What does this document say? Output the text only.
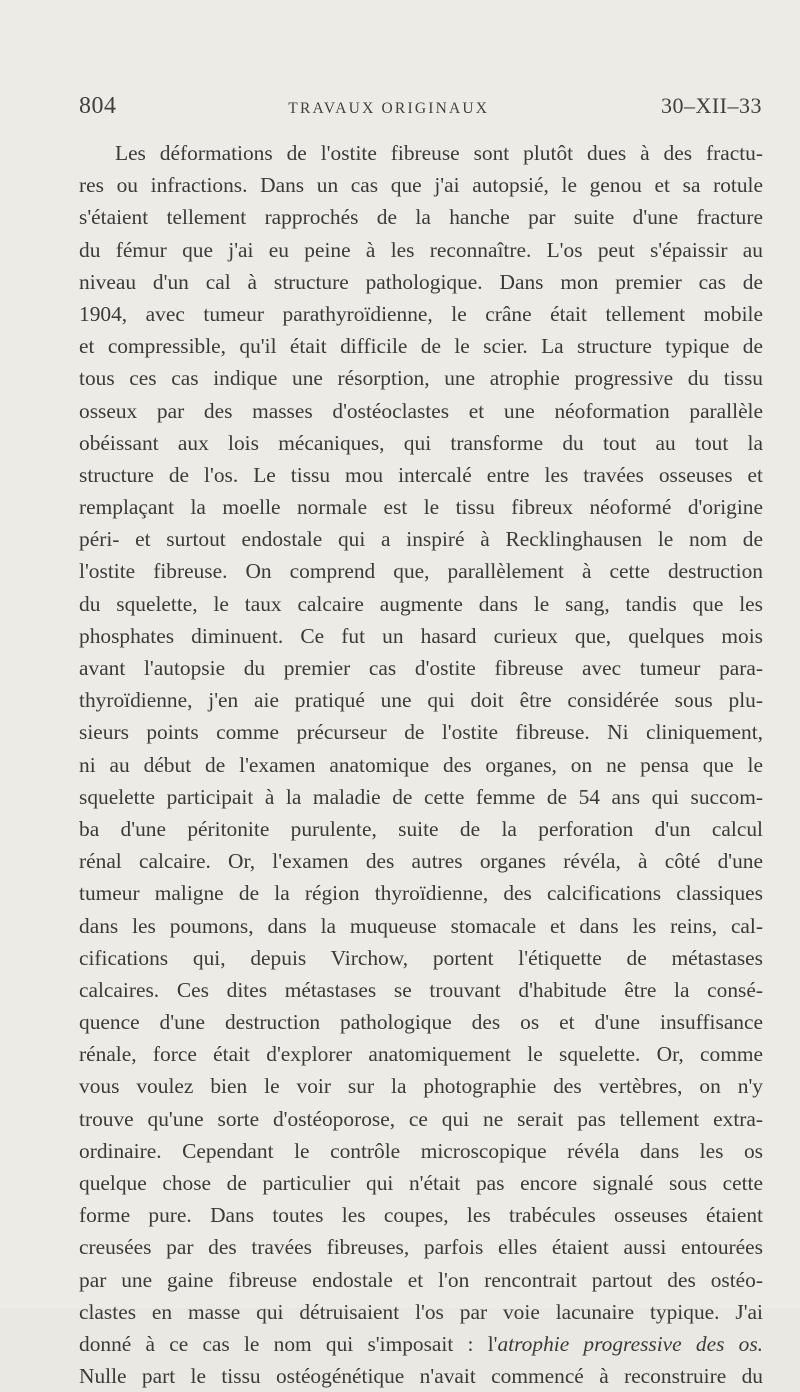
804	TRAVAUX ORIGINAUX	30–XII–33
Les déformations de l'ostite fibreuse sont plutôt dues à des fractu-
res ou infractions. Dans un cas que j'ai autopsié, le genou et sa rotule
s'étaient tellement rapprochés de la hanche par suite d'une fracture
du fémur que j'ai eu peine à les reconnaître. L'os peut s'épaissir au
niveau d'un cal à structure pathologique. Dans mon premier cas de
1904, avec tumeur parathyroïdienne, le crâne était tellement mobile
et compressible, qu'il était difficile de le scier. La structure typique de
tous ces cas indique une résorption, une atrophie progressive du tissu
osseux par des masses d'ostéoclastes et une néoformation parallèle
obéissant aux lois mécaniques, qui transforme du tout au tout la
structure de l'os. Le tissu mou intercalé entre les travées osseuses et
remplaçant la moelle normale est le tissu fibreux néoformé d'origine
péri- et surtout endostale qui a inspiré à Recklinghausen le nom de
l'ostite fibreuse. On comprend que, parallèlement à cette destruction
du squelette, le taux calcaire augmente dans le sang, tandis que les
phosphates diminuent. Ce fut un hasard curieux que, quelques mois
avant l'autopsie du premier cas d'ostite fibreuse avec tumeur para-
thyroïdienne, j'en aie pratiqué une qui doit être considérée sous plu-
sieurs points comme précurseur de l'ostite fibreuse. Ni cliniquement,
ni au début de l'examen anatomique des organes, on ne pensa que le
squelette participait à la maladie de cette femme de 54 ans qui succom-
ba d'une péritonite purulente, suite de la perforation d'un calcul
rénal calcaire. Or, l'examen des autres organes révéla, à côté d'une
tumeur maligne de la région thyroïdienne, des calcifications classiques
dans les poumons, dans la muqueuse stomacale et dans les reins, cal-
cifications qui, depuis Virchow, portent l'étiquette de métastases
calcaires. Ces dites métastases se trouvant d'habitude être la consé-
quence d'une destruction pathologique des os et d'une insuffisance
rénale, force était d'explorer anatomiquement le squelette. Or, comme
vous voulez bien le voir sur la photographie des vertèbres, on n'y
trouve qu'une sorte d'ostéoporose, ce qui ne serait pas tellement extra-
ordinaire. Cependant le contrôle microscopique révéla dans les os
quelque chose de particulier qui n'était pas encore signalé sous cette
forme pure. Dans toutes les coupes, les trabécules osseuses étaient
creusées par des travées fibreuses, parfois elles étaient aussi entourées
par une gaine fibreuse endostale et l'on rencontrait partout des ostéo-
clastes en masse qui détruisaient l'os par voie lacunaire typique. J'ai
donné à ce cas le nom qui s'imposait : l'atrophie progressive des os.
Nulle part le tissu ostéogénétique n'avait commencé à reconstruire du
